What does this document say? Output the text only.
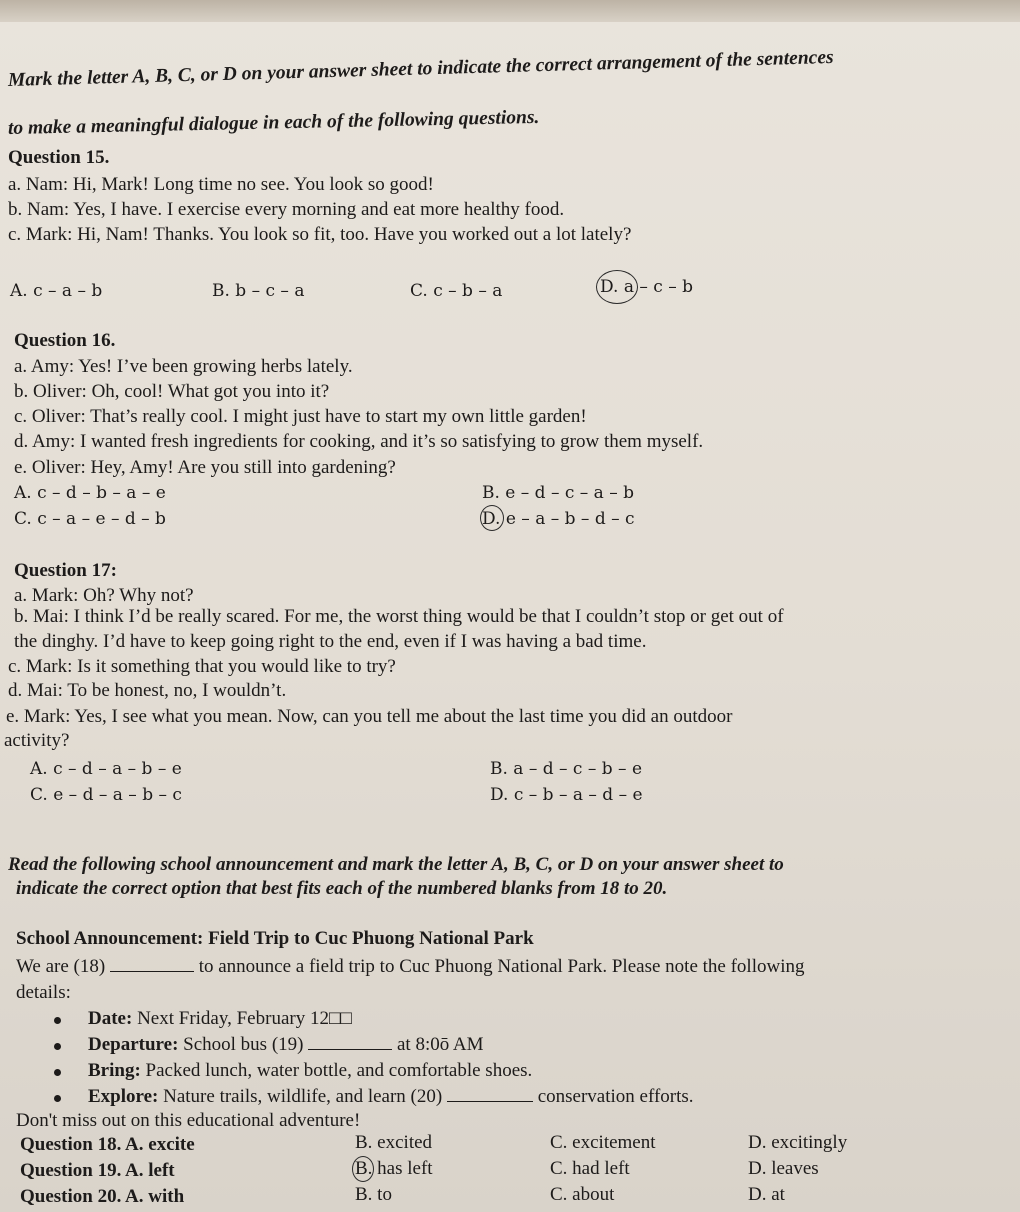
Mark the letter A, B, C, or D on your answer sheet to indicate the correct arrangement of the sentences
to make a meaningful dialogue in each of the following questions.
Question 15.
a. Nam: Hi, Mark! Long time no see. You look so good!
b. Nam: Yes, I have. I exercise every morning and eat more healthy food.
c. Mark: Hi, Nam! Thanks. You look so fit, too. Have you worked out a lot lately?
A. c – a – b	B. b – c – a	C. c – b – a	D. a – c – b
Question 16.
a. Amy: Yes! I’ve been growing herbs lately.
b. Oliver: Oh, cool! What got you into it?
c. Oliver: That’s really cool. I might just have to start my own little garden!
d. Amy: I wanted fresh ingredients for cooking, and it’s so satisfying to grow them myself.
e. Oliver: Hey, Amy! Are you still into gardening?
A. c – d – b – a – e	B. e – d – c – a – b
C. c – a – e – d – b	D. e – a – b – d – c
Question 17:
a. Mark: Oh? Why not?
b. Mai: I think I’d be really scared. For me, the worst thing would be that I couldn’t stop or get out of
the dinghy. I’d have to keep going right to the end, even if I was having a bad time.
c. Mark: Is it something that you would like to try?
d. Mai: To be honest, no, I wouldn’t.
e. Mark: Yes, I see what you mean. Now, can you tell me about the last time you did an outdoor
activity?
A. c – d – a – b – e	B. a – d – c – b – e
C. e – d – a – b – c	D. c – b – a – d – e
Read the following school announcement and mark the letter A, B, C, or D on your answer sheet to
indicate the correct option that best fits each of the numbered blanks from 18 to 20.
School Announcement: Field Trip to Cuc Phuong National Park
We are (18)	to announce a field trip to Cuc Phuong National Park. Please note the following
details:
Date: Next Friday, February 12□□
Departure: School bus (19)	at 8:0ō AM
Bring: Packed lunch, water bottle, and comfortable shoes.
Explore: Nature trails, wildlife, and learn (20)	conservation efforts.
Don't miss out on this educational adventure!
Question 18. A. excite	B. excited	C. excitement	D. excitingly
Question 19. A. left	B. has left	C. had left	D. leaves
Question 20. A. with	B. to	C. about	D. at
